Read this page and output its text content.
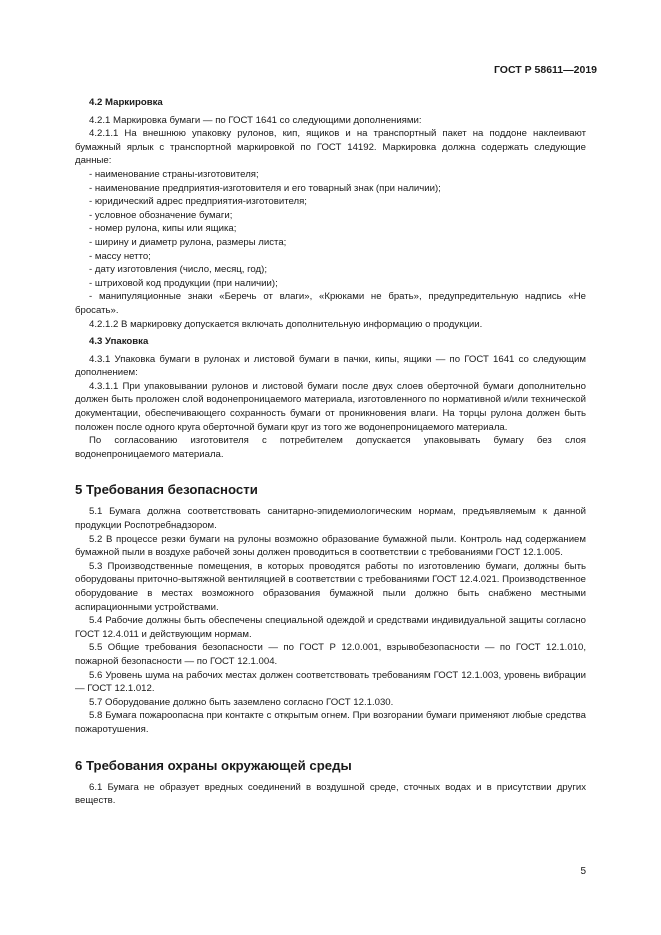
ГОСТ Р 58611—2019

4.2 Маркировка

4.2.1 Маркировка бумаги — по ГОСТ 1641 со следующими дополнениями:

4.2.1.1 На внешнюю упаковку рулонов, кип, ящиков и на транспортный пакет на поддоне наклеивают бумажный ярлык с транспортной маркировкой по ГОСТ 14192. Маркировка должна содержать следующие данные:

- наименование страны-изготовителя;

- наименование предприятия-изготовителя и его товарный знак (при наличии);

- юридический адрес предприятия-изготовителя;

- условное обозначение бумаги;

- номер рулона, кипы или ящика;

- ширину и диаметр рулона, размеры листа;

- массу нетто;

- дату изготовления (число, месяц, год);

- штриховой код продукции (при наличии);

- манипуляционные знаки «Беречь от влаги», «Крюками не брать», предупредительную надпись «Не бросать».

4.2.1.2 В маркировку допускается включать дополнительную информацию о продукции.

4.3 Упаковка

4.3.1 Упаковка бумаги в рулонах и листовой бумаги в пачки, кипы, ящики — по ГОСТ 1641 со следующим дополнением:

4.3.1.1 При упаковывании рулонов и листовой бумаги после двух слоев оберточной бумаги дополнительно должен быть проложен слой водонепроницаемого материала, изготовленного по нормативной и/или технической документации, обеспечивающего сохранность бумаги от проникновения влаги. На торцы рулона должен быть положен после одного круга оберточной бумаги круг из того же водонепроницаемого материала.

По согласованию изготовителя с потребителем допускается упаковывать бумагу без слоя водонепроницаемого материала.

5 Требования безопасности

5.1 Бумага должна соответствовать санитарно-эпидемиологическим нормам, предъявляемым к данной продукции Роспотребнадзором.

5.2 В процессе резки бумаги на рулоны возможно образование бумажной пыли. Контроль над содержанием бумажной пыли в воздухе рабочей зоны должен проводиться в соответствии с требованиями ГОСТ 12.1.005.

5.3 Производственные помещения, в которых проводятся работы по изготовлению бумаги, должны быть оборудованы приточно-вытяжной вентиляцией в соответствии с требованиями ГОСТ 12.4.021. Производственное оборудование в местах возможного образования бумажной пыли должно быть снабжено местными аспирационными устройствами.

5.4 Рабочие должны быть обеспечены специальной одеждой и средствами индивидуальной защиты согласно ГОСТ 12.4.011 и действующим нормам.

5.5 Общие требования безопасности — по ГОСТ Р 12.0.001, взрывобезопасности — по ГОСТ 12.1.010, пожарной безопасности — по ГОСТ 12.1.004.

5.6 Уровень шума на рабочих местах должен соответствовать требованиям ГОСТ 12.1.003, уровень вибрации — ГОСТ 12.1.012.

5.7 Оборудование должно быть заземлено согласно ГОСТ 12.1.030.

5.8 Бумага пожароопасна при контакте с открытым огнем. При возгорании бумаги применяют любые средства пожаротушения.

6 Требования охраны окружающей среды

6.1 Бумага не образует вредных соединений в воздушной среде, сточных водах и в присутствии других веществ.

5
